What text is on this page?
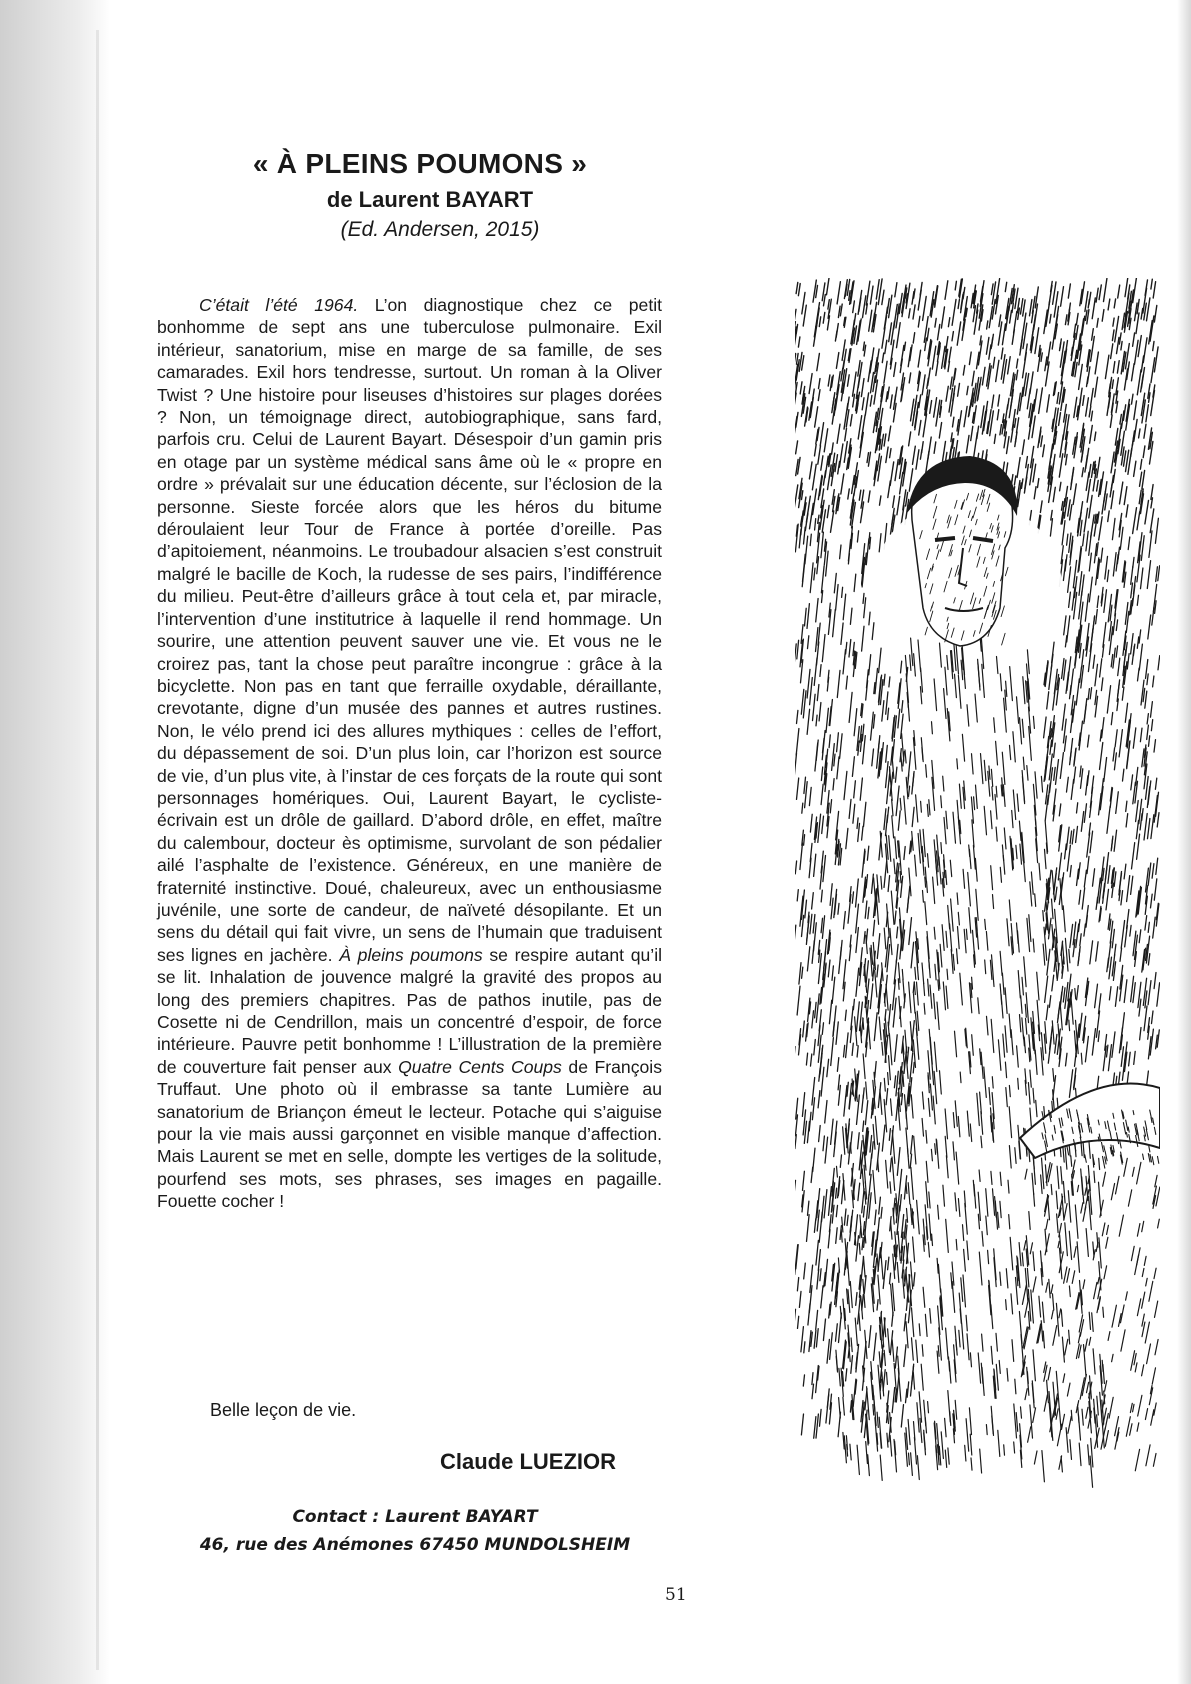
« À PLEINS POUMONS »
de Laurent BAYART

(Ed. Andersen, 2015)

C’était l’été 1964. L’on diagnostique chez ce petit bonhomme de sept ans une tuberculose pulmonaire. Exil intérieur, sanatorium, mise en marge de sa famille, de ses camarades. Exil hors tendresse, surtout. Un roman à la Oliver Twist ? Une histoire pour liseuses d’histoires sur plages dorées ? Non, un témoignage direct, autobiographique, sans fard, parfois cru. Celui de Laurent Bayart. Désespoir d’un gamin pris en otage par un système médical sans âme où le « propre en ordre » prévalait sur une éducation décente, sur l’éclosion de la personne. Sieste forcée alors que les héros du bitume déroulaient leur Tour de France à portée d’oreille. Pas d’apitoiement, néanmoins. Le troubadour alsacien s’est construit malgré le bacille de Koch, la rudesse de ses pairs, l’indifférence du milieu. Peut-être d’ailleurs grâce à tout cela et, par miracle, l’intervention d’une institutrice à laquelle il rend hommage. Un sourire, une attention peuvent sauver une vie. Et vous ne le croirez pas, tant la chose peut paraître incongrue : grâce à la bicyclette. Non pas en tant que ferraille oxydable, déraillante, crevotante, digne d’un musée des pannes et autres rustines. Non, le vélo prend ici des allures mythiques : celles de l’effort, du dépassement de soi. D’un plus loin, car l’horizon est source de vie, d’un plus vite, à l’instar de ces forçats de la route qui sont personnages homériques. Oui, Laurent Bayart, le cycliste-écrivain est un drôle de gaillard. D’abord drôle, en effet, maître du calembour, docteur ès optimisme, survolant de son pédalier ailé l’asphalte de l’existence. Généreux, en une manière de fraternité instinctive. Doué, chaleureux, avec un enthousiasme juvénile, une sorte de candeur, de naïveté désopilante. Et un sens du détail qui fait vivre, un sens de l’humain que traduisent ses lignes en jachère. À pleins poumons se respire autant qu’il se lit. Inhalation de jouvence malgré la gravité des propos au long des premiers chapitres. Pas de pathos inutile, pas de Cosette ni de Cendrillon, mais un concentré d’espoir, de force intérieure. Pauvre petit bonhomme ! L’illustration de la première de couverture fait penser aux Quatre Cents Coups de François Truffaut. Une photo où il embrasse sa tante Lumière au sanatorium de Briançon émeut le lecteur. Potache qui s’aiguise pour la vie mais aussi garçonnet en visible manque d’affection. Mais Laurent se met en selle, dompte les vertiges de la solitude, pourfend ses mots, ses phrases, ses images en pagaille. Fouette cocher !

Belle leçon de vie.

Claude LUEZIOR

Contact : Laurent BAYART
46, rue des Anémones 67450 MUNDOLSHEIM

51
